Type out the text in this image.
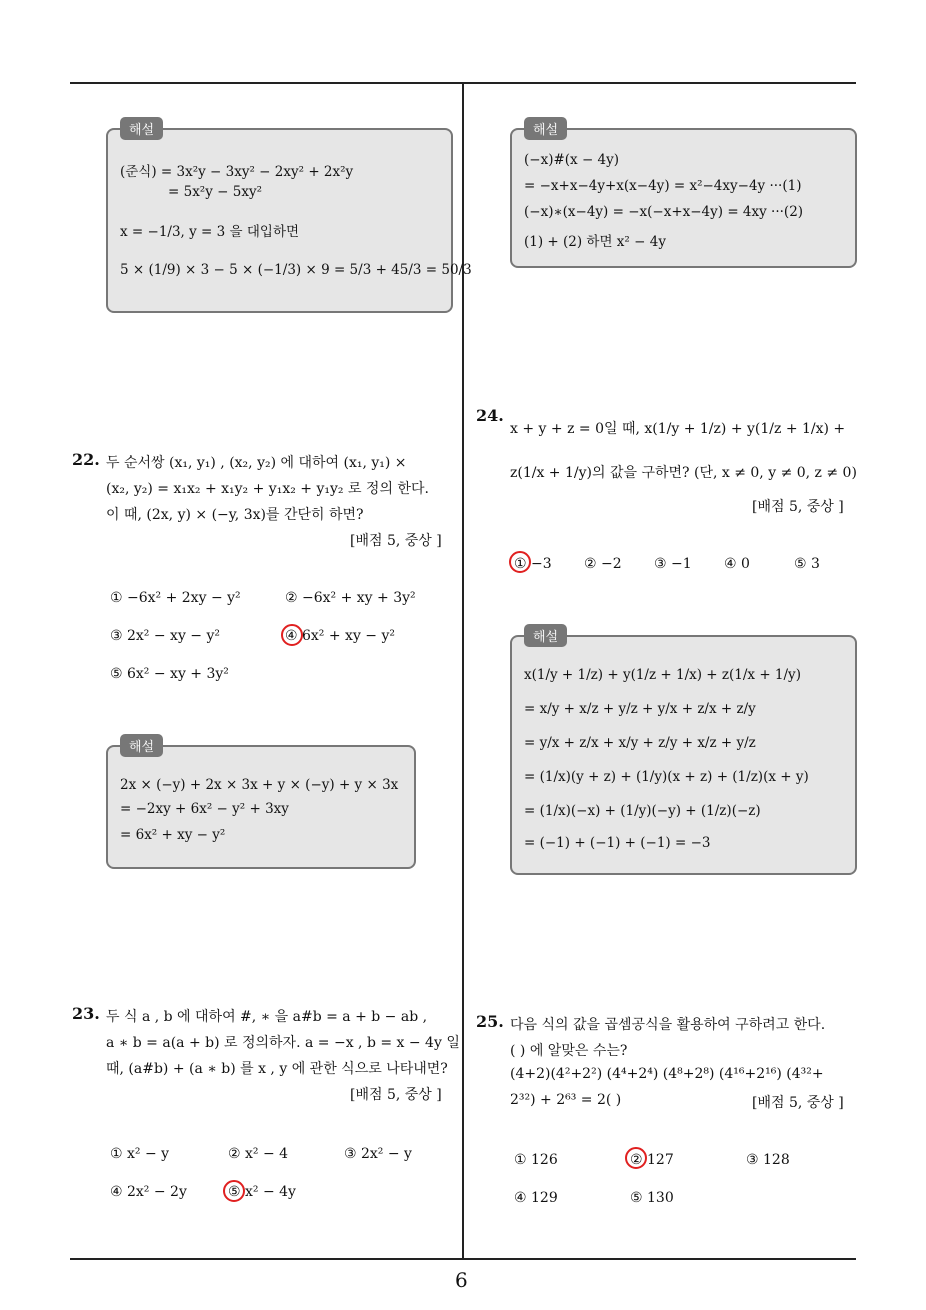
6
(준식) = 3x²y − 3xy² − 2xy² + 2x²y
= 5x²y − 5xy²
x = −1/3, y = 3 을 대입하면
5 × (1/9) × 3 − 5 × (−1/3) × 9 = 5/3 + 45/3 = 50/3
해설
22. 두 순서쌍 (x₁, y₁) , (x₂, y₂) 에 대하여 (x₁, y₁) ×
(x₂, y₂) = x₁x₂ + x₁y₂ + y₁x₂ + y₁y₂ 로 정의 한다.
이 때, (2x, y) × (−y, 3x)를 간단히 하면?
[배점 5, 중상 ]
① −6x² + 2xy − y²	② −6x² + xy + 3y²
③ 2x² − xy − y²	④ 6x² + xy − y²
⑤ 6x² − xy + 3y²
2x × (−y) + 2x × 3x + y × (−y) + y × 3x
= −2xy + 6x² − y² + 3xy
= 6x² + xy − y²
해설
23. 두 식 a , b 에 대하여 #, ∗ 을 a#b = a + b − ab ,
a ∗ b = a(a + b) 로 정의하자. a = −x , b = x − 4y 일
때, (a#b) + (a ∗ b) 를 x , y 에 관한 식으로 나타내면?
[배점 5, 중상 ]
① x² − y	② x² − 4	③ 2x² − y
④ 2x² − 2y	⑤ x² − 4y
(−x)#(x − 4y)
= −x+x−4y+x(x−4y) = x²−4xy−4y ···(1)
(−x)∗(x−4y) = −x(−x+x−4y) = 4xy ···(2)
(1) + (2) 하면 x² − 4y
해설
24.
x + y + z = 0일 때, x(1/y + 1/z) + y(1/z + 1/x) +
z(1/x + 1/y)의 값을 구하면? (단, x ≠ 0, y ≠ 0, z ≠ 0)
[배점 5, 중상 ]
① −3 ② −2 ③ −1 ④ 0	⑤ 3
x(1/y + 1/z) + y(1/z + 1/x) + z(1/x + 1/y)
= x/y + x/z + y/z + y/x + z/x + z/y
= y/x + z/x + x/y + z/y + x/z + y/z
= (1/x)(y + z) + (1/y)(x + z) + (1/z)(x + y)
= (1/x)(−x) + (1/y)(−y) + (1/z)(−z)
= (−1) + (−1) + (−1) = −3
해설
25. 다음 식의 값을 곱셈공식을 활용하여 구하려고 한다.
( ) 에 알맞은 수는?
(4+2)(4²+2²) (4⁴+2⁴) (4⁸+2⁸) (4¹⁶+2¹⁶) (4³²+
2³²) + 2⁶³ = 2( )	[배점 5, 중상 ]
① 126	② 127	③ 128
④ 129	⑤ 130
